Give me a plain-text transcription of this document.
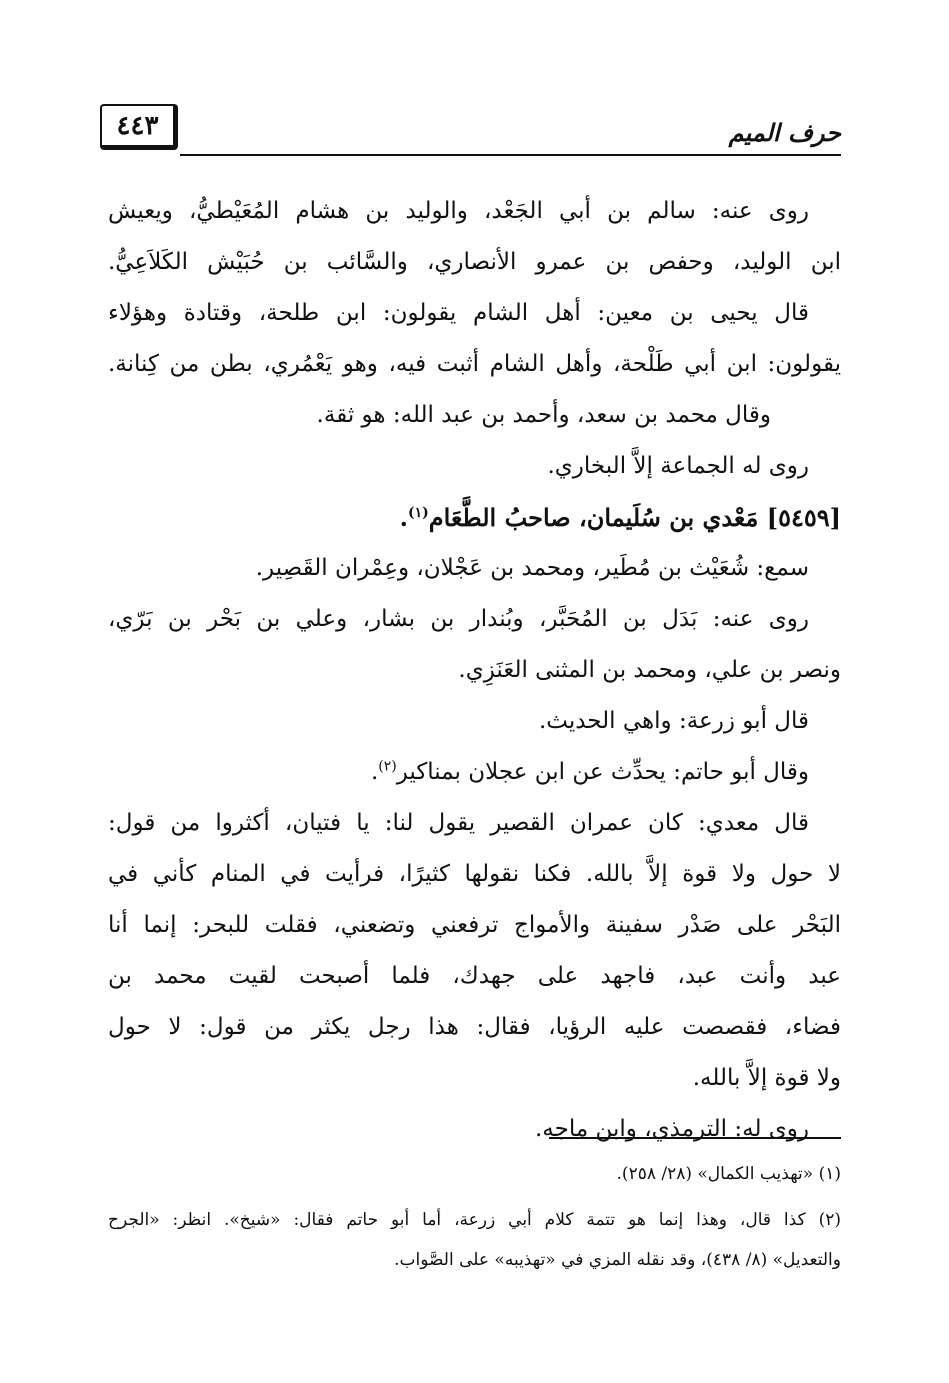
٤٤٣	حرف الميم
روى عنه: سالم بن أبي الجَعْد، والوليد بن هشام المُعَيْطيُّ، ويعيش
ابن الوليد، وحفص بن عمرو الأنصاري، والسَّائب بن حُبَيْش الكَلاَعِيُّ.
قال يحيى بن معين: أهل الشام يقولون: ابن طلحة، وقتادة وهؤلاء
يقولون: ابن أبي طَلْحة، وأهل الشام أثبت فيه، وهو يَعْمُري، بطن من كِنانة.
وقال محمد بن سعد، وأحمد بن عبد الله: هو ثقة.
روى له الجماعة إلاَّ البخاري.
[٥٤٥٩] مَعْدي بن سُلَيمان، صاحبُ الطَّعَام$^{(١)}$.
سمع: شُعَيْث بن مُطَير، ومحمد بن عَجْلان، وعِمْران القَصِير.
روى عنه: بَدَل بن المُحَبَّر، وبُندار بن بشار، وعلي بن بَحْر بن بَرّي،
ونصر بن علي، ومحمد بن المثنى العَنَزِي.
قال أبو زرعة: واهي الحديث.
وقال أبو حاتم: يحدِّث عن ابن عجلان بمناكير$^{(٢)}$.
قال معدي: كان عمران القصير يقول لنا: يا فتيان، أكثروا من قول:
لا حول ولا قوة إلاَّ بالله. فكنا نقولها كثيرًا، فرأيت في المنام كأني في
البَحْر على صَدْر سفينة والأمواج ترفعني وتضعني، فقلت للبحر: إنما أنا
عبد وأنت عبد، فاجهد على جهدك، فلما أصبحت لقيت محمد بن
فضاء، فقصصت عليه الرؤيا، فقال: هذا رجل يكثر من قول: لا حول
ولا قوة إلاَّ بالله.
روى له: الترمذي، وابن ماجه.
(١) «تهذيب الكمال» (٢٨/ ٢٥٨).
(٢) كذا قال، وهذا إنما هو تتمة كلام أبي زرعة، أما أبو حاتم فقال: «شيخ». انظر: «الجرح
والتعديل» (٨/ ٤٣٨)، وقد نقله المزي في «تهذيبه» على الصَّواب.
